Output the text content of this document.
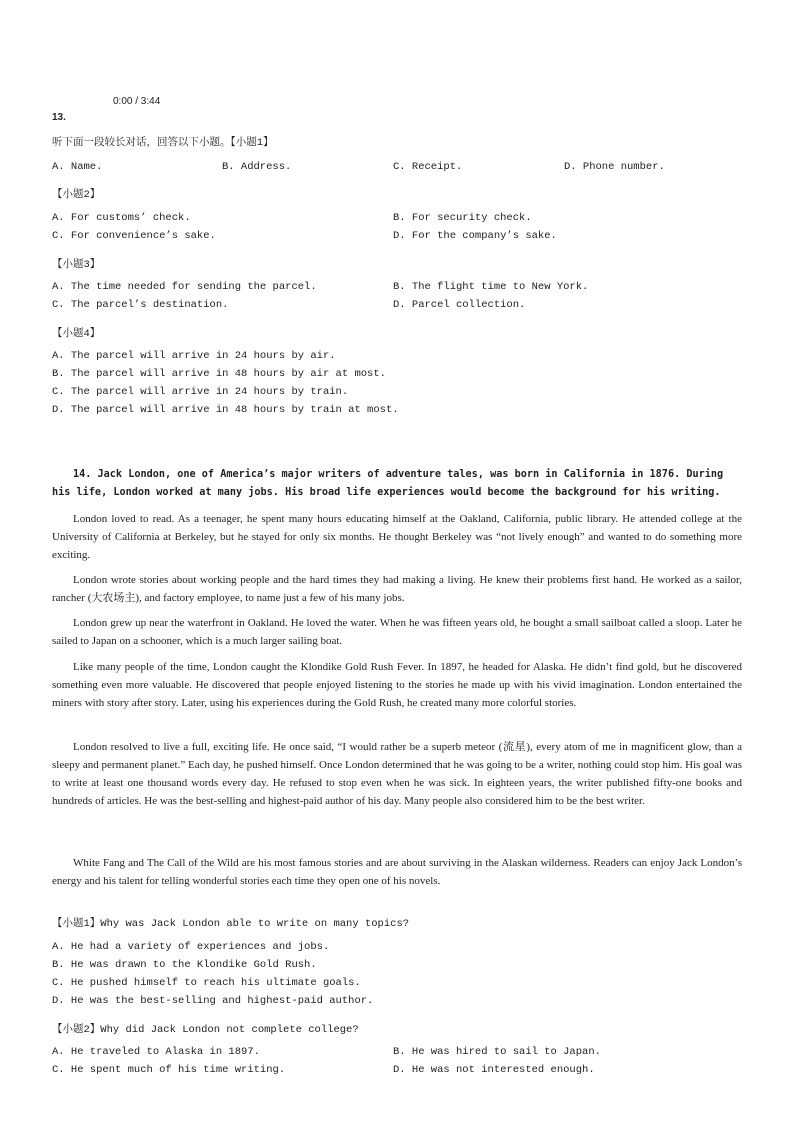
0:00 / 3:44
13.
听下面一段较长对话，回答以下小题。【小题1】
A. Name.	B. Address.	C. Receipt.	D. Phone number.
【小题2】
A. For customs’ check.	B. For security check.
C. For convenience’s sake.	D. For the company’s sake.
【小题3】
A. The time needed for sending the parcel.	B. The flight time to New York.
C. The parcel’s destination.	D. Parcel collection.
【小题4】
A. The parcel will arrive in 24 hours by air.
B. The parcel will arrive in 48 hours by air at most.
C. The parcel will arrive in 24 hours by train.
D. The parcel will arrive in 48 hours by train at most.
14. Jack London, one of America’s major writers of adventure tales, was born in California in 1876. During his life, London worked at many jobs. His broad life experiences would become the background for his writing.
London loved to read. As a teenager, he spent many hours educating himself at the Oakland, California, public library. He attended college at the University of California at Berkeley, but he stayed for only six months. He thought Berkeley was “not lively enough” and wanted to do something more exciting.
London wrote stories about working people and the hard times they had making a living. He knew their problems first hand. He worked as a sailor, rancher (大农场主), and factory employee, to name just a few of his many jobs.
London grew up near the waterfront in Oakland. He loved the water. When he was fifteen years old, he bought a small sailboat called a sloop. Later he sailed to Japan on a schooner, which is a much larger sailing boat.
Like many people of the time, London caught the Klondike Gold Rush Fever. In 1897, he headed for Alaska. He didn’t find gold, but he discovered something even more valuable. He discovered that people enjoyed listening to the stories he made up with his vivid imagination. London entertained the miners with story after story. Later, using his experiences during the Gold Rush, he created many more colorful stories.
London resolved to live a full, exciting life. He once said, “I would rather be a superb meteor (流星), every atom of me in magnificent glow, than a sleepy and permanent planet.” Each day, he pushed himself. Once London determined that he was going to be a writer, nothing could stop him. His goal was to write at least one thousand words every day. He refused to stop even when he was sick. In eighteen years, the writer published fifty-one books and hundreds of articles. He was the best-selling and highest-paid author of his day. Many people also considered him to be the best writer.
White Fang and The Call of the Wild are his most famous stories and are about surviving in the Alaskan wilderness. Readers can enjoy Jack London’s energy and his talent for telling wonderful stories each time they open one of his novels.
【小题1】Why was Jack London able to write on many topics?
A. He had a variety of experiences and jobs.
B. He was drawn to the Klondike Gold Rush.
C. He pushed himself to reach his ultimate goals.
D. He was the best-selling and highest-paid author.
【小题2】Why did Jack London not complete college?
A. He traveled to Alaska in 1897.	B. He was hired to sail to Japan.
C. He spent much of his time writing.	D. He was not interested enough.
